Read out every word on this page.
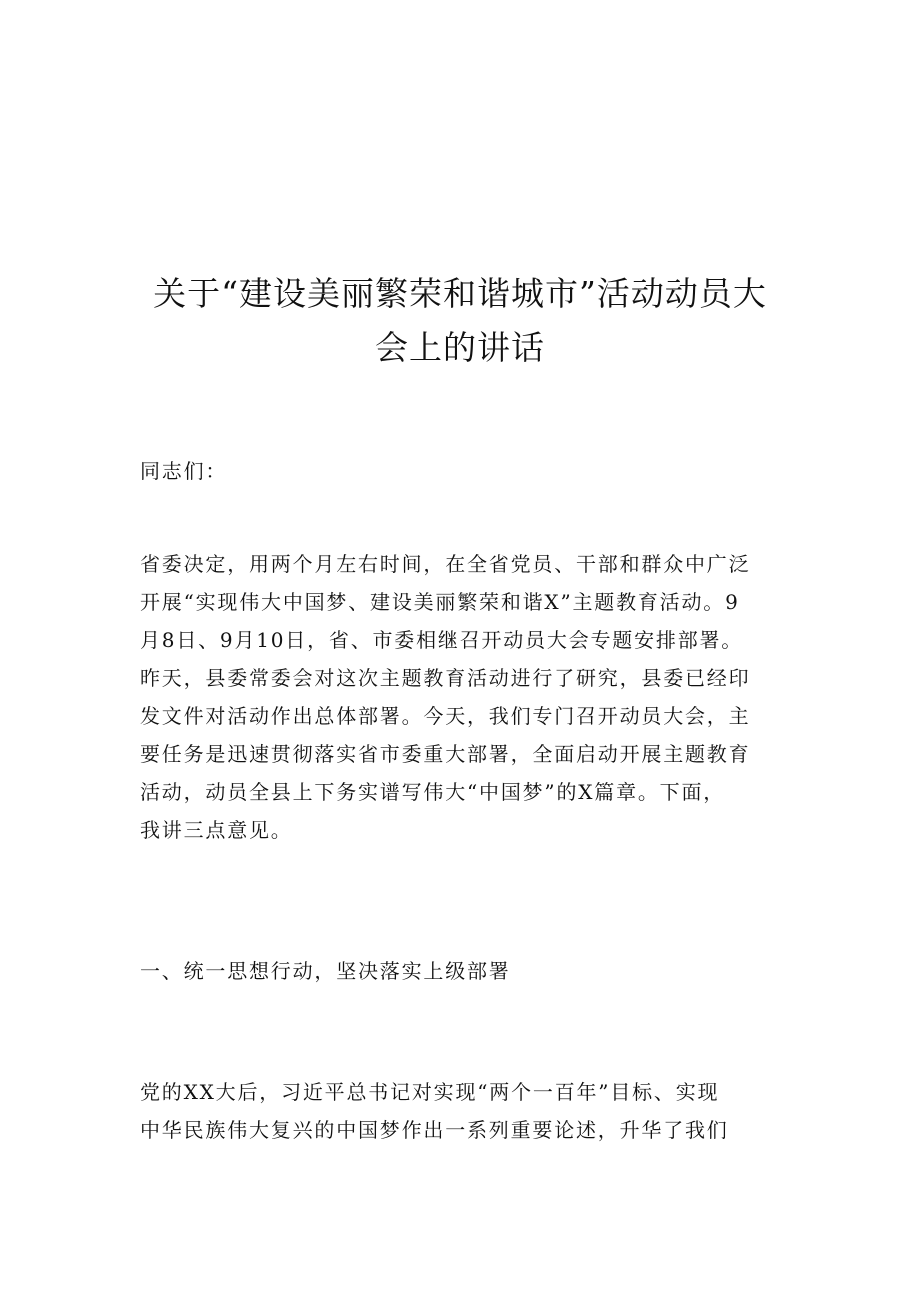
关于“建设美丽繁荣和谐城市”活动动员大
会上的讲话
同志们：
省委决定，用两个月左右时间，在全省党员、干部和群众中广泛
开展“实现伟大中国梦、建设美丽繁荣和谐X”主题教育活动。9
月8日、9月10日，省、市委相继召开动员大会专题安排部署。
昨天，县委常委会对这次主题教育活动进行了研究，县委已经印
发文件对活动作出总体部署。今天，我们专门召开动员大会，主
要任务是迅速贯彻落实省市委重大部署，全面启动开展主题教育
活动，动员全县上下务实谱写伟大“中国梦”的X篇章。下面，
我讲三点意见。
一、统一思想行动，坚决落实上级部署
党的XX大后，习近平总书记对实现“两个一百年”目标、实现
中华民族伟大复兴的中国梦作出一系列重要论述，升华了我们
